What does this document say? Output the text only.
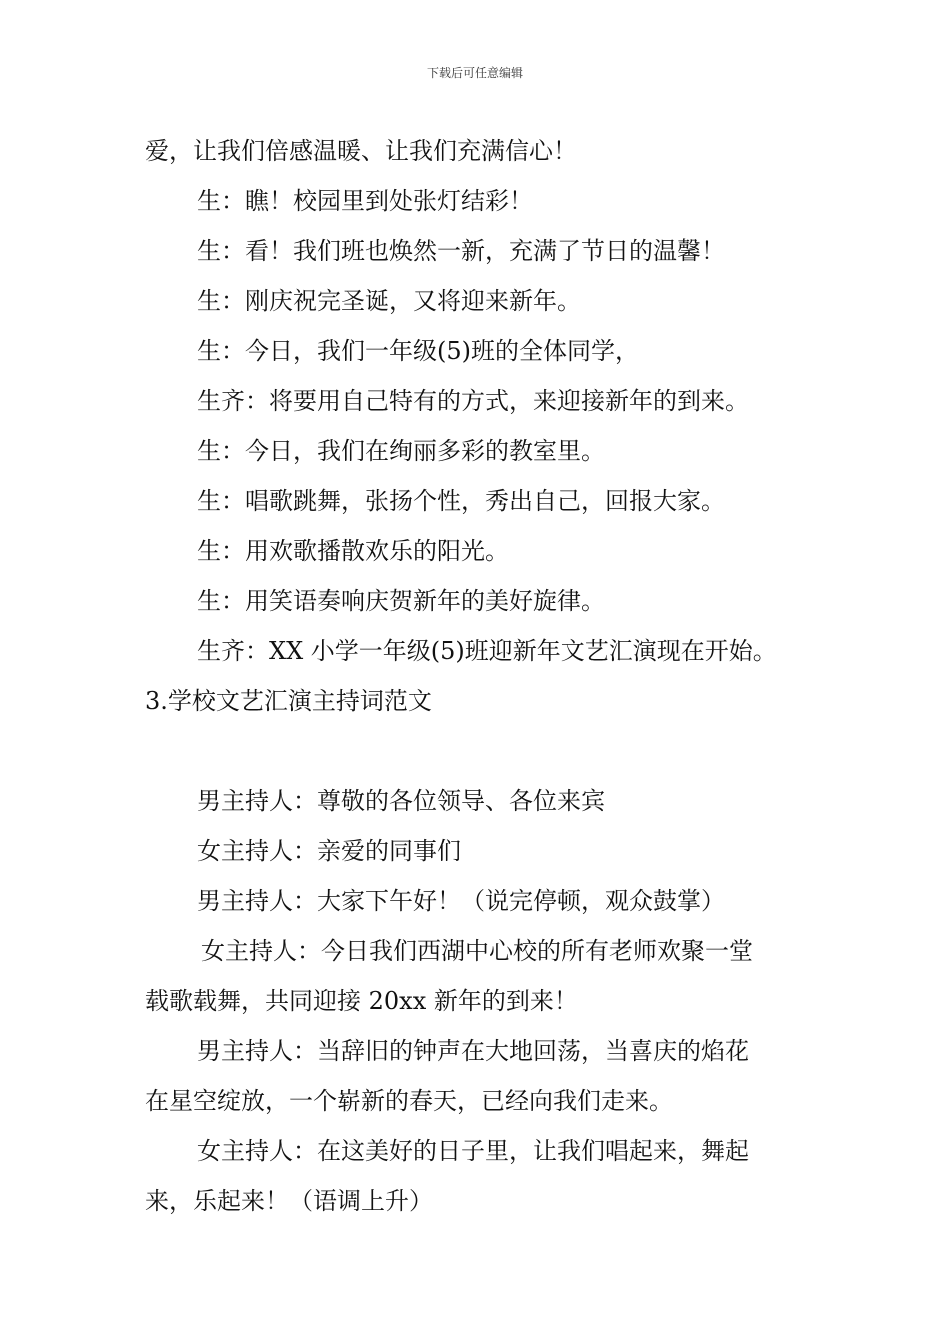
下载后可任意编辑
爱，让我们倍感温暖、让我们充满信心！
生：瞧！校园里到处张灯结彩！
生：看！我们班也焕然一新，充满了节日的温馨！
生：刚庆祝完圣诞，又将迎来新年。
生：今日，我们一年级(5)班的全体同学，
生齐：将要用自己特有的方式，来迎接新年的到来。
生：今日，我们在绚丽多彩的教室里。
生：唱歌跳舞，张扬个性，秀出自己，回报大家。
生：用欢歌播散欢乐的阳光。
生：用笑语奏响庆贺新年的美好旋律。
生齐：XX 小学一年级(5)班迎新年文艺汇演现在开始。
3.学校文艺汇演主持词范文
男主持人：尊敬的各位领导、各位来宾
女主持人：亲爱的同事们
男主持人：大家下午好！（说完停顿，观众鼓掌）
女主持人：今日我们西湖中心校的所有老师欢聚一堂
载歌载舞，共同迎接 20xx 新年的到来！
男主持人：当辞旧的钟声在大地回荡，当喜庆的焰花
在星空绽放，一个崭新的春天，已经向我们走来。
女主持人：在这美好的日子里，让我们唱起来，舞起
来，乐起来！（语调上升）
